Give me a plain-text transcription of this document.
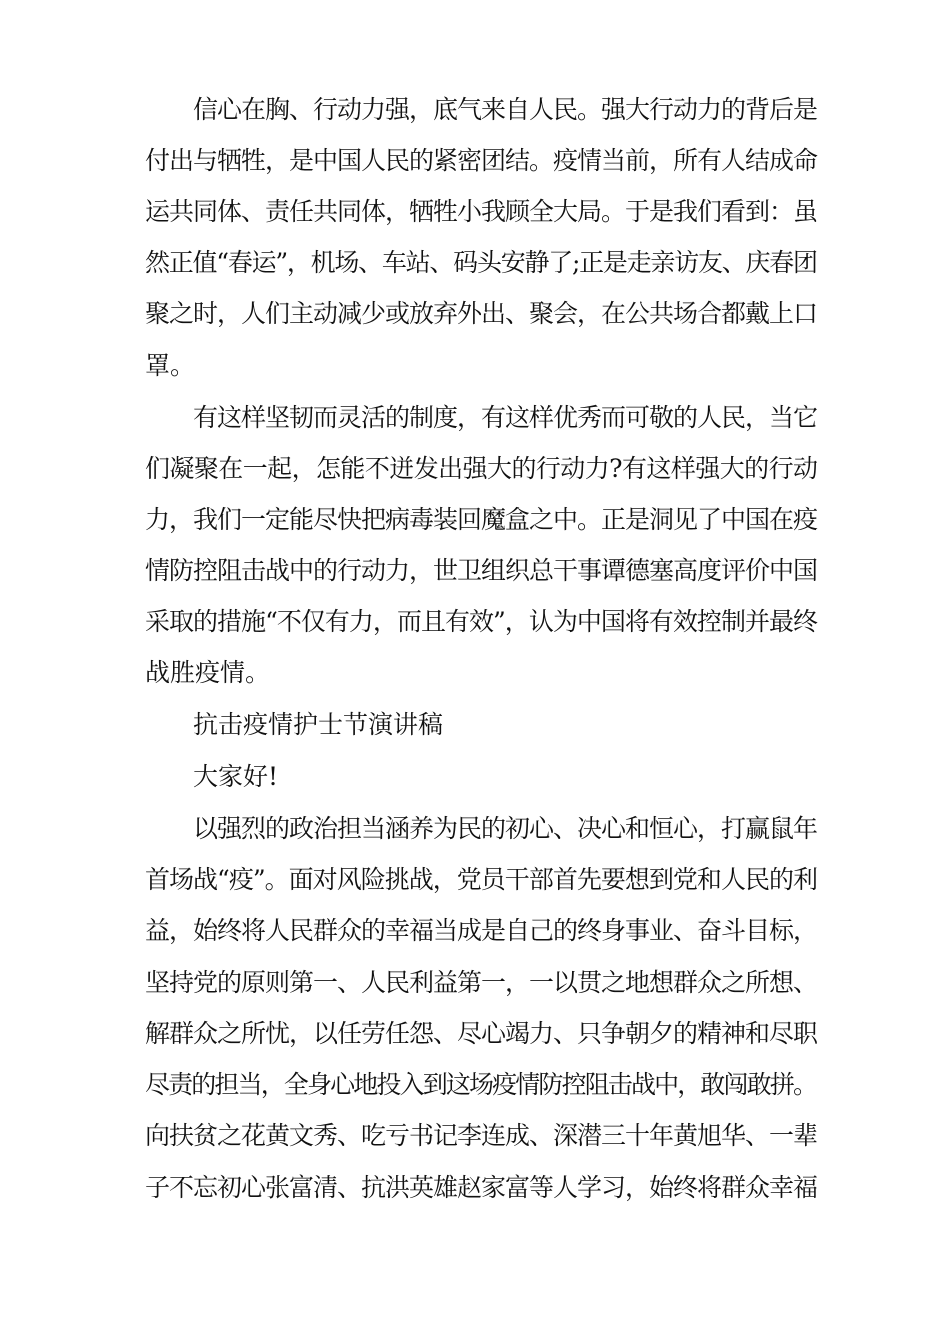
信心在胸、行动力强，底气来自人民。强大行动力的背后是
付出与牺牲，是中国人民的紧密团结。疫情当前，所有人结成命
运共同体、责任共同体，牺牲小我顾全大局。于是我们看到：虽
然正值“春运”，机场、车站、码头安静了;正是走亲访友、庆春团
聚之时，人们主动减少或放弃外出、聚会，在公共场合都戴上口
罩。
有这样坚韧而灵活的制度，有这样优秀而可敬的人民，当它
们凝聚在一起，怎能不迸发出强大的行动力?有这样强大的行动
力，我们一定能尽快把病毒装回魔盒之中。正是洞见了中国在疫
情防控阻击战中的行动力，世卫组织总干事谭德塞高度评价中国
采取的措施“不仅有力，而且有效”，认为中国将有效控制并最终
战胜疫情。
抗击疫情护士节演讲稿
大家好!
以强烈的政治担当涵养为民的初心、决心和恒心，打赢鼠年
首场战“疫”。面对风险挑战，党员干部首先要想到党和人民的利
益，始终将人民群众的幸福当成是自己的终身事业、奋斗目标，
坚持党的原则第一、人民利益第一，一以贯之地想群众之所想、
解群众之所忧，以任劳任怨、尽心竭力、只争朝夕的精神和尽职
尽责的担当，全身心地投入到这场疫情防控阻击战中，敢闯敢拼。
向扶贫之花黄文秀、吃亏书记李连成、深潜三十年黄旭华、一辈
子不忘初心张富清、抗洪英雄赵家富等人学习，始终将群众幸福
